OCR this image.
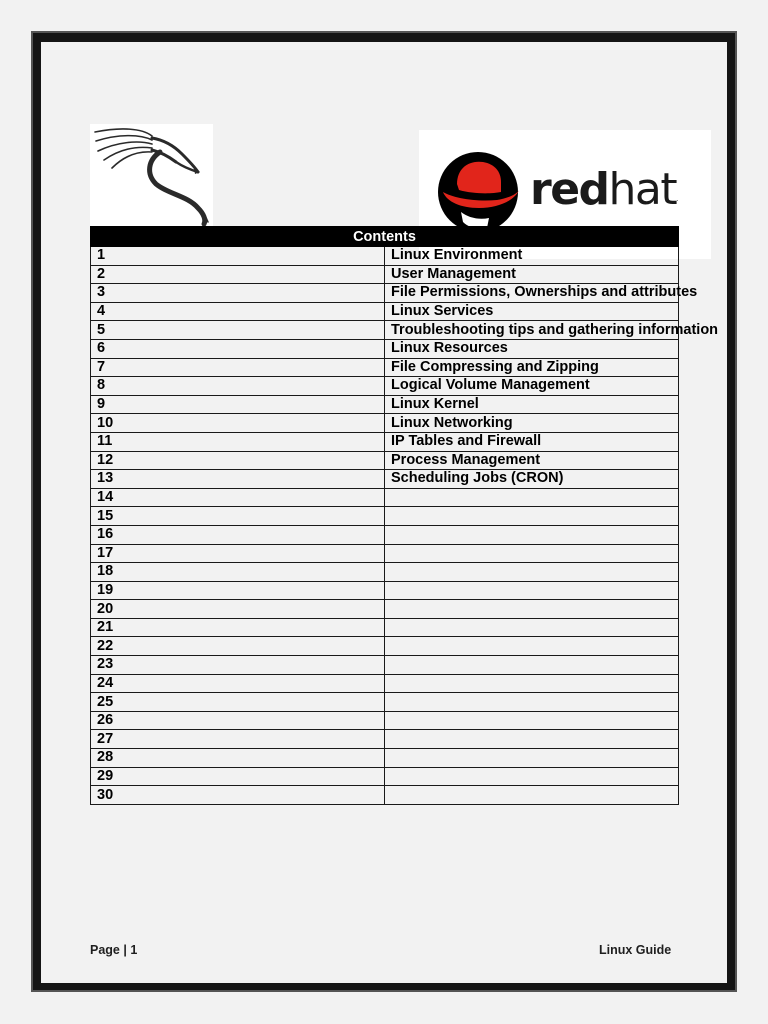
redhat.
Contents	
1	Linux Environment
2	User Management
3	File Permissions, Ownerships and attributes
4	Linux Services
5	Troubleshooting tips and gathering information
6	Linux Resources
7	File Compressing and Zipping
8	Logical Volume Management
9	Linux Kernel
10	Linux Networking
11	IP Tables and Firewall
12	Process Management
13	Scheduling Jobs (CRON)
14	
15	
16	
17	
18	
19	
20	
21	
22	
23	
24	
25	
26	
27	
28	
29	
30	
Page | 1	Linux Guide
